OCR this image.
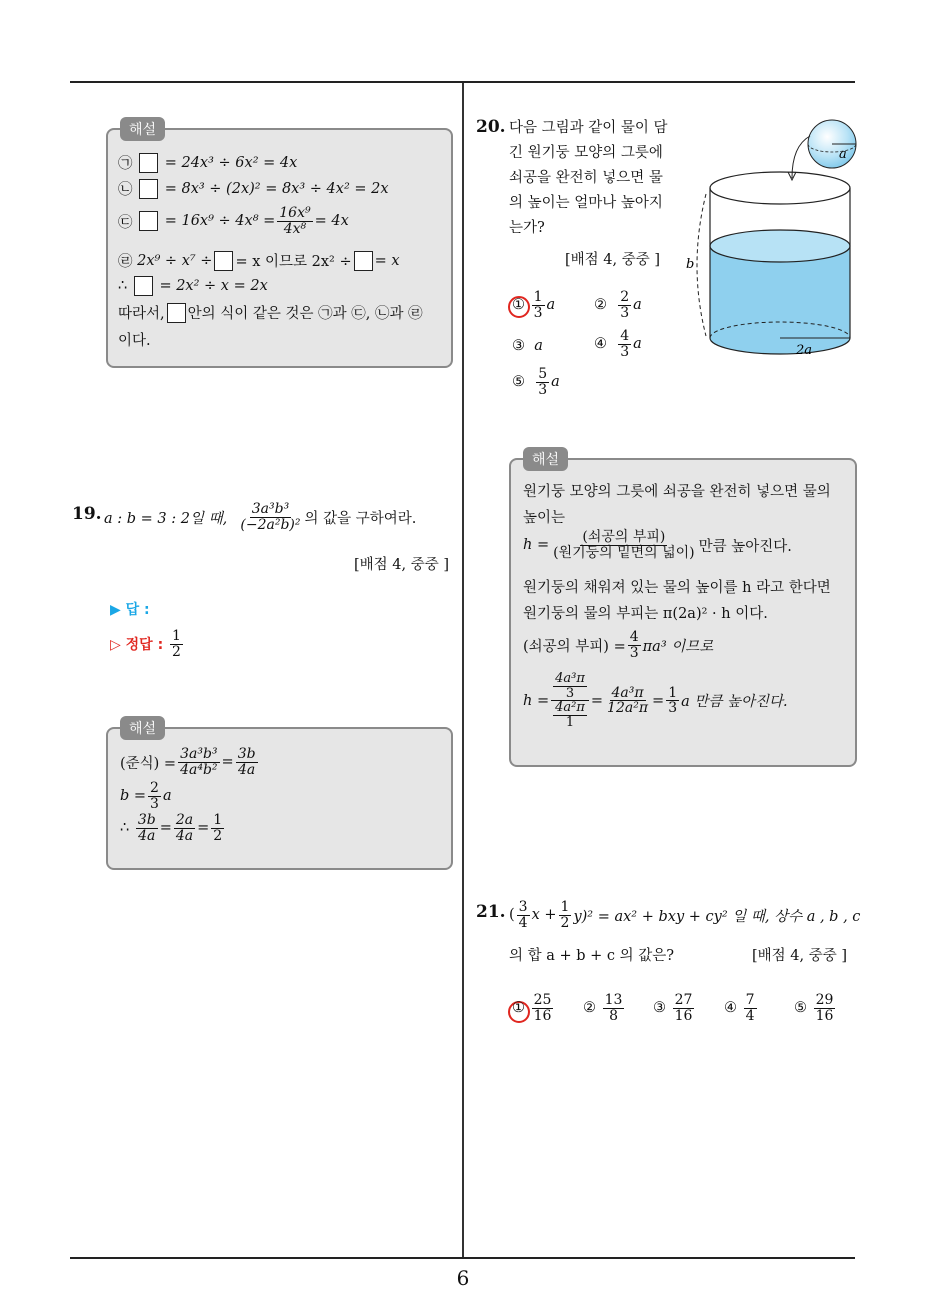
해설
㉠

= 24x³ ÷ 6x² = 4x
㉡

= 8x³ ÷ (2x)² = 8x³ ÷ 4x² = 2x
㉢

= $16x^9 \div 4x^8 = \frac{\text{16x⁹}}{\text{4x⁸}} = 4x$
㉣
2x⁹ ÷ x⁷ ÷ = x 이므로 2x² ÷ = x
∴

= 2x² ÷ x = 2x
따라서, 안의 식이 같은 것은 ㉠과 ㉢, ㉡과 ㉣
이다.
19. a : b = 3 : 2일 때,
$\frac{\text{3a³b³}}{\text{(−2a²b)²}}$ 의 값을 구하여라.
[배점 4, 중중 ]
▶ 답 :
▷ 정답 :
$\frac{1}{2}$
해설
(준식) = $\frac{\text{3a³b³}}{\text{4a⁴b²}} = \frac{3b}{4a}$
$b = \frac{2}{3}$ a
∴
$\frac{3b}{4a} = \frac{2a}{4a} = \frac{1}{2}$
20. 다음 그림과 같이 물이 담
긴 원기둥 모양의 그릇에
쇠공을 완전히 넣으면 물
의 높이는 얼마나 높아지
는가?
[배점 4, 중중 ]
①
$\frac{1}{3}$ a	②
$\frac{2}{3}$ a
③
a	④
$\frac{4}{3}$ a
⑤
$\frac{5}{3}$ a
2a
b
a
해설
원기둥 모양의 그릇에 쇠공을 완전히 넣으면 물의
높이는
$h = \frac{\text{(쇠공의 부피)}}{\text{(원기둥의 밑면의 넓이)}}$ 만큼 높아진다.
원기둥의 채워져 있는 물의 높이를 h 라고 한다면
원기둥의 물의 부피는 π(2a)² · h 이다.
(쇠공의 부피) = $\frac{4}{3} \pi a^3$ 이므로
h = 4a³π
3
4a²π
$1 = \frac{\text{4a³π}}{\text{12a²π}} = \frac{1}{3}$ a 만큼 높아진다.
21. ( $\frac{3}{4}$ $x + \frac{1}{2} y)^2 = ax^2$ + bxy + cy² 일 때, 상수 a , b , c
의 합 a + b + c 의 값은?	[배점 4, 중중 ]
①
$\frac{25}{16}$ ②
$\frac{13}{8}$ ③
$\frac{27}{16}$ ④
$\frac{7}{4}$	⑤
$\frac{29}{16}$
6
